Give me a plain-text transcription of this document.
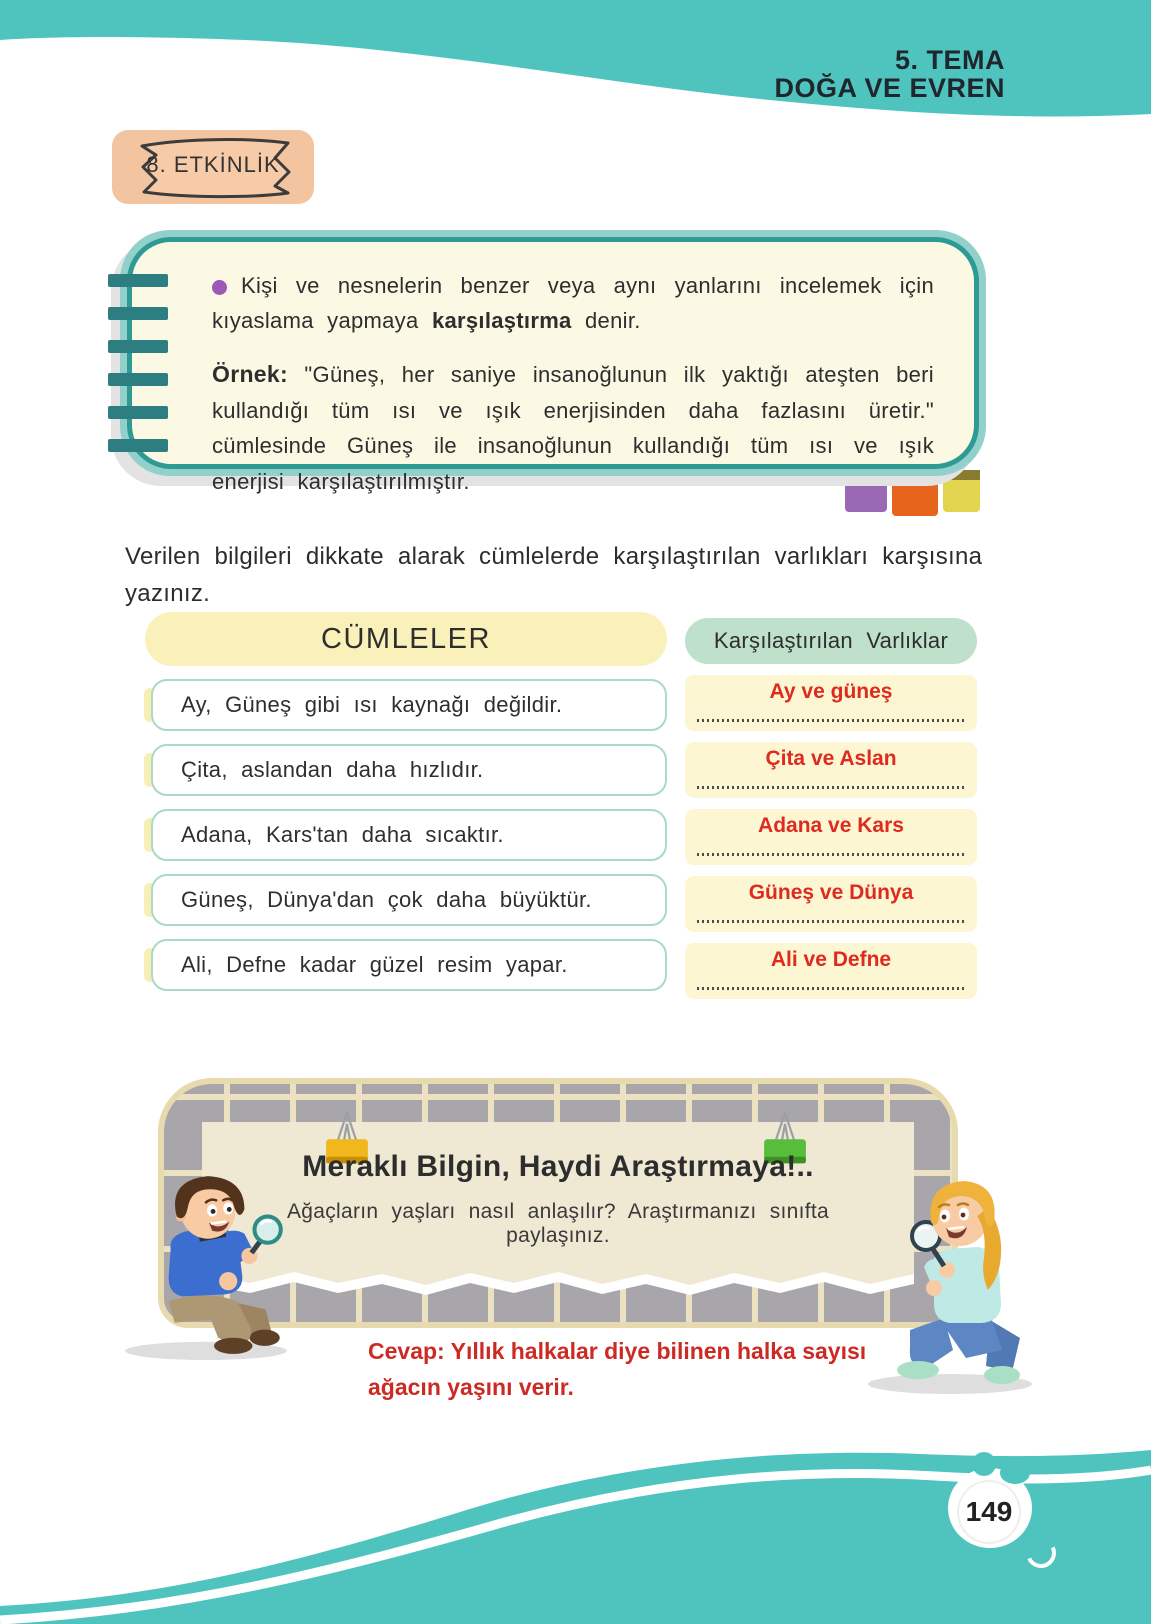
5. TEMA
DOĞA VE EVREN
8. ETKİNLİK

Kişi ve nesnelerin benzer veya aynı yanlarını incelemek için kıyaslama yapmaya karşılaştırma denir.

Örnek: "Güneş, her saniye insanoğlunun ilk yaktığı ateşten beri kullandığı tüm ısı ve ışık enerjisinden daha fazlasını üretir." cümlesinde Güneş ile insanoğlunun kullandığı tüm ısı ve ışık enerjisi karşılaştırılmıştır.

Verilen bilgileri dikkate alarak cümlelerde karşılaştırılan varlıkları karşısına yazınız.
CÜMLELER
Ay, Güneş gibi ısı kaynağı değildir.
Çita, aslandan daha hızlıdır.
Adana, Kars'tan daha sıcaktır.
Güneş, Dünya'dan çok daha büyüktür.
Ali, Defne kadar güzel resim yapar.
Karşılaştırılan Varlıklar
Ay ve güneş
Çita ve Aslan
Adana ve Kars
Güneş ve Dünya
Ali ve Defne
Meraklı Bilgin, Haydi Araştırmaya!..
Ağaçların yaşları nasıl anlaşılır? Araştırmanızı sınıfta paylaşınız.
Cevap: Yıllık halkalar diye bilinen halka sayısı ağacın yaşını verir.
149
